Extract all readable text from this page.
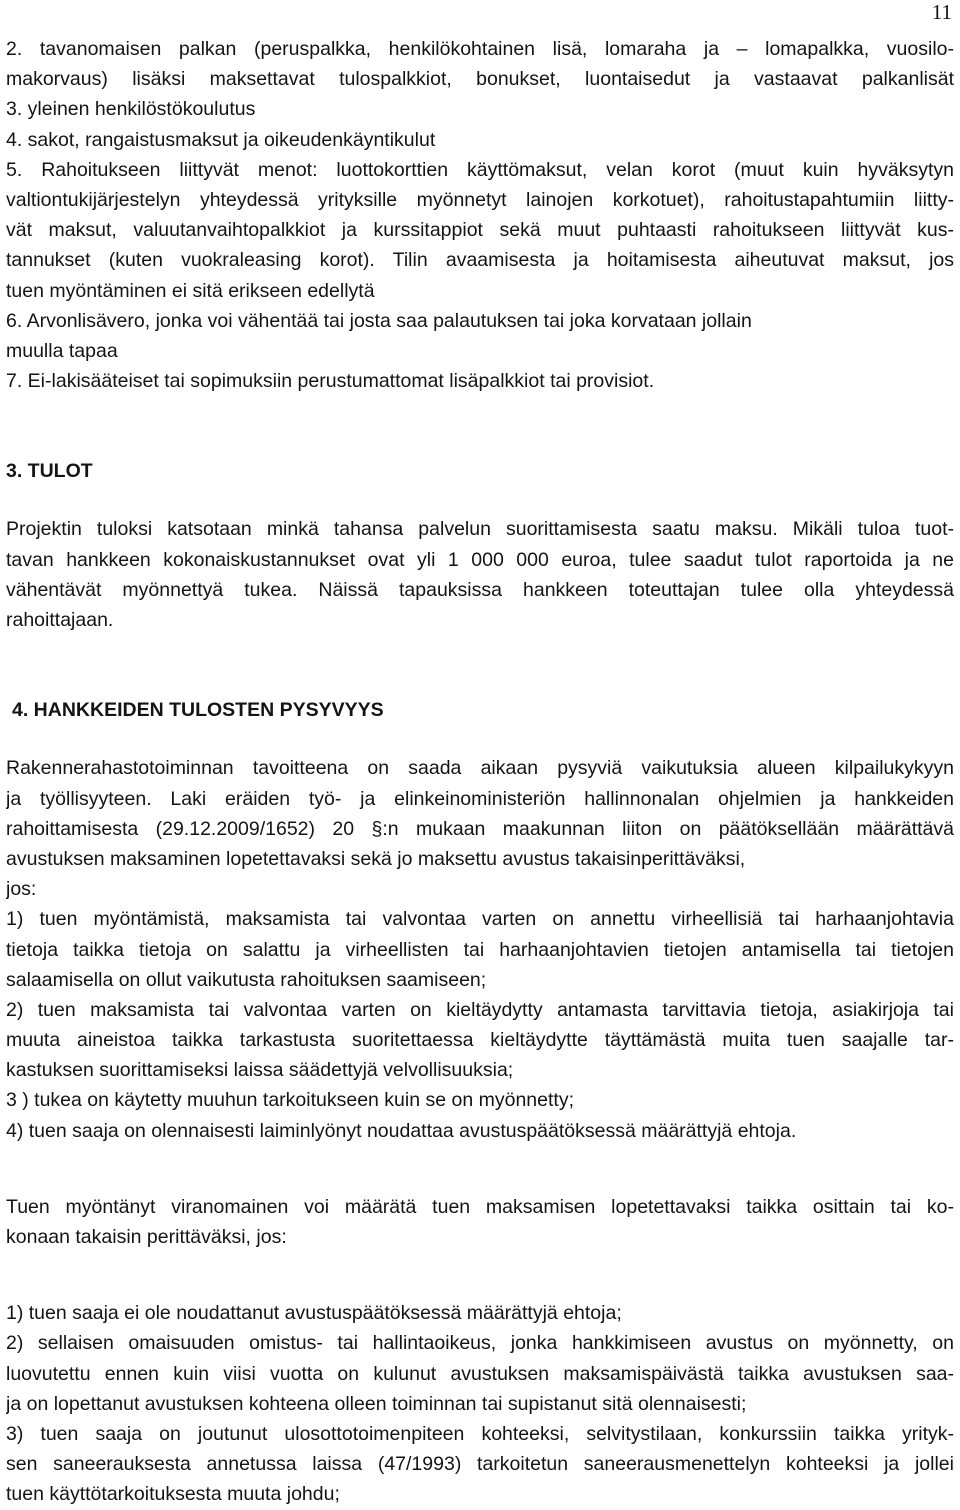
11
2. tavanomaisen palkan (peruspalkka, henkilökohtainen lisä, lomaraha ja – lomapalkka, vuosilo-
makorvaus) lisäksi maksettavat tulospalkkiot, bonukset, luontaisedut ja vastaavat palkanlisät
3. yleinen henkilöstökoulutus
4. sakot, rangaistusmaksut ja oikeudenkäyntikulut
5. Rahoitukseen liittyvät menot: luottokorttien käyttömaksut, velan korot (muut kuin hyväksytyn
valtiontukijärjestelyn yhteydessä yrityksille myönnetyt lainojen korkotuet), rahoitustapahtumiin liitty-
vät maksut, valuutanvaihtopalkkiot ja kurssitappiot sekä muut puhtaasti rahoitukseen liittyvät kus-
tannukset (kuten vuokraleasing korot). Tilin avaamisesta ja hoitamisesta aiheutuvat maksut, jos
tuen myöntäminen ei sitä erikseen edellytä
6. Arvonlisävero, jonka voi vähentää tai josta saa palautuksen tai joka korvataan jollain
muulla tapaa
7. Ei-lakisääteiset tai sopimuksiin perustumattomat lisäpalkkiot tai provisiot.
3. TULOT
Projektin tuloksi katsotaan minkä tahansa palvelun suorittamisesta saatu maksu. Mikäli tuloa tuot-
tavan hankkeen kokonaiskustannukset ovat yli 1 000 000 euroa, tulee saadut tulot raportoida ja ne
vähentävät myönnettyä tukea. Näissä tapauksissa hankkeen toteuttajan tulee olla yhteydessä
rahoittajaan.
4. HANKKEIDEN TULOSTEN PYSYVYYS
Rakennerahastotoiminnan tavoitteena on saada aikaan pysyviä vaikutuksia alueen kilpailukykyyn
ja työllisyyteen. Laki eräiden työ- ja elinkeinoministeriön hallinnonalan ohjelmien ja hankkeiden
rahoittamisesta (29.12.2009/1652) 20 §:n mukaan maakunnan liiton on päätöksellään määrättävä
avustuksen maksaminen lopetettavaksi sekä jo maksettu avustus takaisinperittäväksi,
jos:
1) tuen myöntämistä, maksamista tai valvontaa varten on annettu virheellisiä tai harhaanjohtavia
tietoja taikka tietoja on salattu ja virheellisten tai harhaanjohtavien tietojen antamisella tai tietojen
salaamisella on ollut vaikutusta rahoituksen saamiseen;
2) tuen maksamista tai valvontaa varten on kieltäydytty antamasta tarvittavia tietoja, asiakirjoja tai
muuta aineistoa taikka tarkastusta suoritettaessa kieltäydytte täyttämästä muita tuen saajalle tar-
kastuksen suorittamiseksi laissa säädettyjä velvollisuuksia;
3 ) tukea on käytetty muuhun tarkoitukseen kuin se on myönnetty;
4) tuen saaja on olennaisesti laiminlyönyt noudattaa avustuspäätöksessä määrättyjä ehtoja.
Tuen myöntänyt viranomainen voi määrätä tuen maksamisen lopetettavaksi taikka osittain tai ko-
konaan takaisin perittäväksi, jos:
1) tuen saaja ei ole noudattanut avustuspäätöksessä määrättyjä ehtoja;
2) sellaisen omaisuuden omistus- tai hallintaoikeus, jonka hankkimiseen avustus on myönnetty, on
luovutettu ennen kuin viisi vuotta on kulunut avustuksen maksamispäivästä taikka avustuksen saa-
ja on lopettanut avustuksen kohteena olleen toiminnan tai supistanut sitä olennaisesti;
3) tuen saaja on joutunut ulosottotoimenpiteen kohteeksi, selvitystilaan, konkurssiin taikka yrityk-
sen saneerauksesta annetussa laissa (47/1993) tarkoitetun saneerausmenettelyn kohteeksi ja jollei
tuen käyttötarkoituksesta muuta johdu;
